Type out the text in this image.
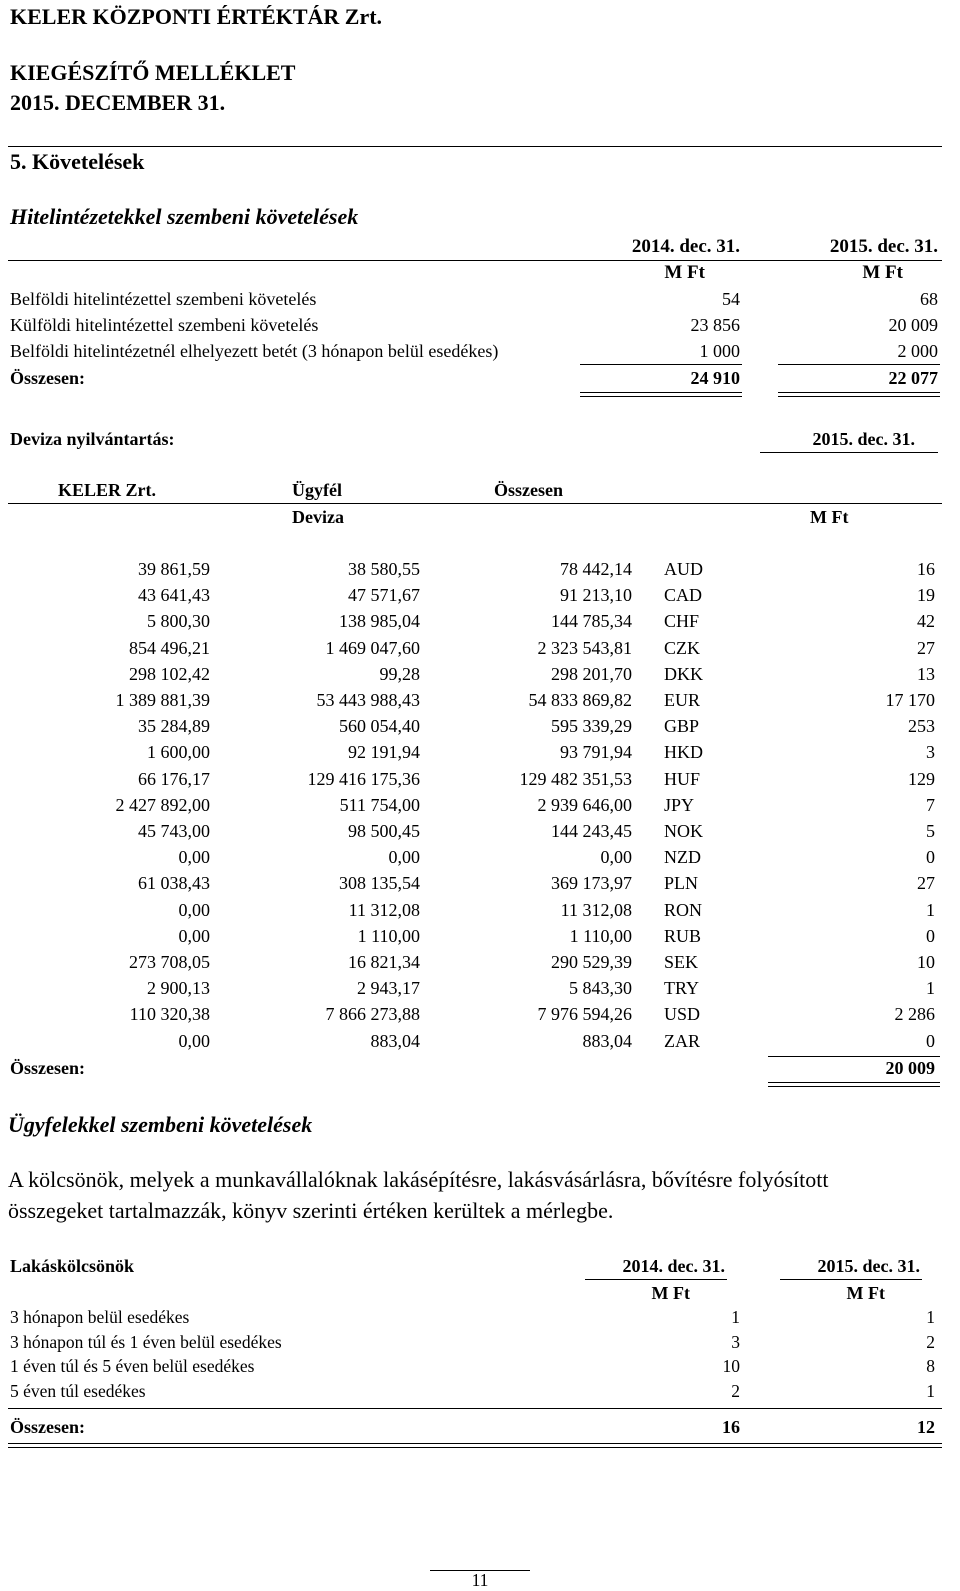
KELER KÖZPONTI ÉRTÉKTÁR Zrt.
KIEGÉSZÍTŐ MELLÉKLET
2015. DECEMBER 31.
5. Követelések
Hitelintézetekkel szembeni követelések
2014. dec. 31.	2015. dec. 31.
M Ft	M Ft
Belföldi hitelintézettel szembeni követelés	54	68
Külföldi hitelintézettel szembeni követelés	23 856	20 009
Belföldi hitelintézetnél elhelyezett betét (3 hónapon belül esedékes)	1 000	2 000
Összesen:	24 910	22 077
Deviza nyilvántartás:	2015. dec. 31.
KELER Zrt.	Ügyfél	Összesen
Deviza	M Ft
39 861,59	38 580,55	78 442,14 AUD	16
43 641,43	47 571,67	91 213,10 CAD	19
5 800,30	138 985,04	144 785,34 CHF	42
854 496,21	1 469 047,60	2 323 543,81 CZK	27
298 102,42	99,28	298 201,70 DKK	13
1 389 881,39	53 443 988,43	54 833 869,82 EUR	17 170
35 284,89	560 054,40	595 339,29 GBP	253
1 600,00	92 191,94	93 791,94 HKD	3
66 176,17	129 416 175,36	129 482 351,53 HUF	129
2 427 892,00	511 754,00	2 939 646,00 JPY	7
45 743,00	98 500,45	144 243,45 NOK	5
0,00	0,00	0,00 NZD	0
61 038,43	308 135,54	369 173,97 PLN	27
0,00	11 312,08	11 312,08 RON	1
0,00	1 110,00	1 110,00 RUB	0
273 708,05	16 821,34	290 529,39 SEK	10
2 900,13	2 943,17	5 843,30 TRY	1
110 320,38	7 866 273,88	7 976 594,26 USD	2 286
0,00	883,04	883,04 ZAR	0
Összesen:	20 009
Ügyfelekkel szembeni követelések
A kölcsönök, melyek a munkavállalóknak lakásépítésre, lakásvásárlásra, bővítésre folyósított
összegeket tartalmazzák, könyv szerinti értéken kerültek a mérlegbe.
Lakáskölcsönök	2014. dec. 31.	2015. dec. 31.
M Ft	M Ft
3 hónapon belül esedékes	1	1
3 hónapon túl és 1 éven belül esedékes	3	2
1 éven túl és 5 éven belül esedékes	10	8
5 éven túl esedékes	2	1
Összesen:	16	12
11
